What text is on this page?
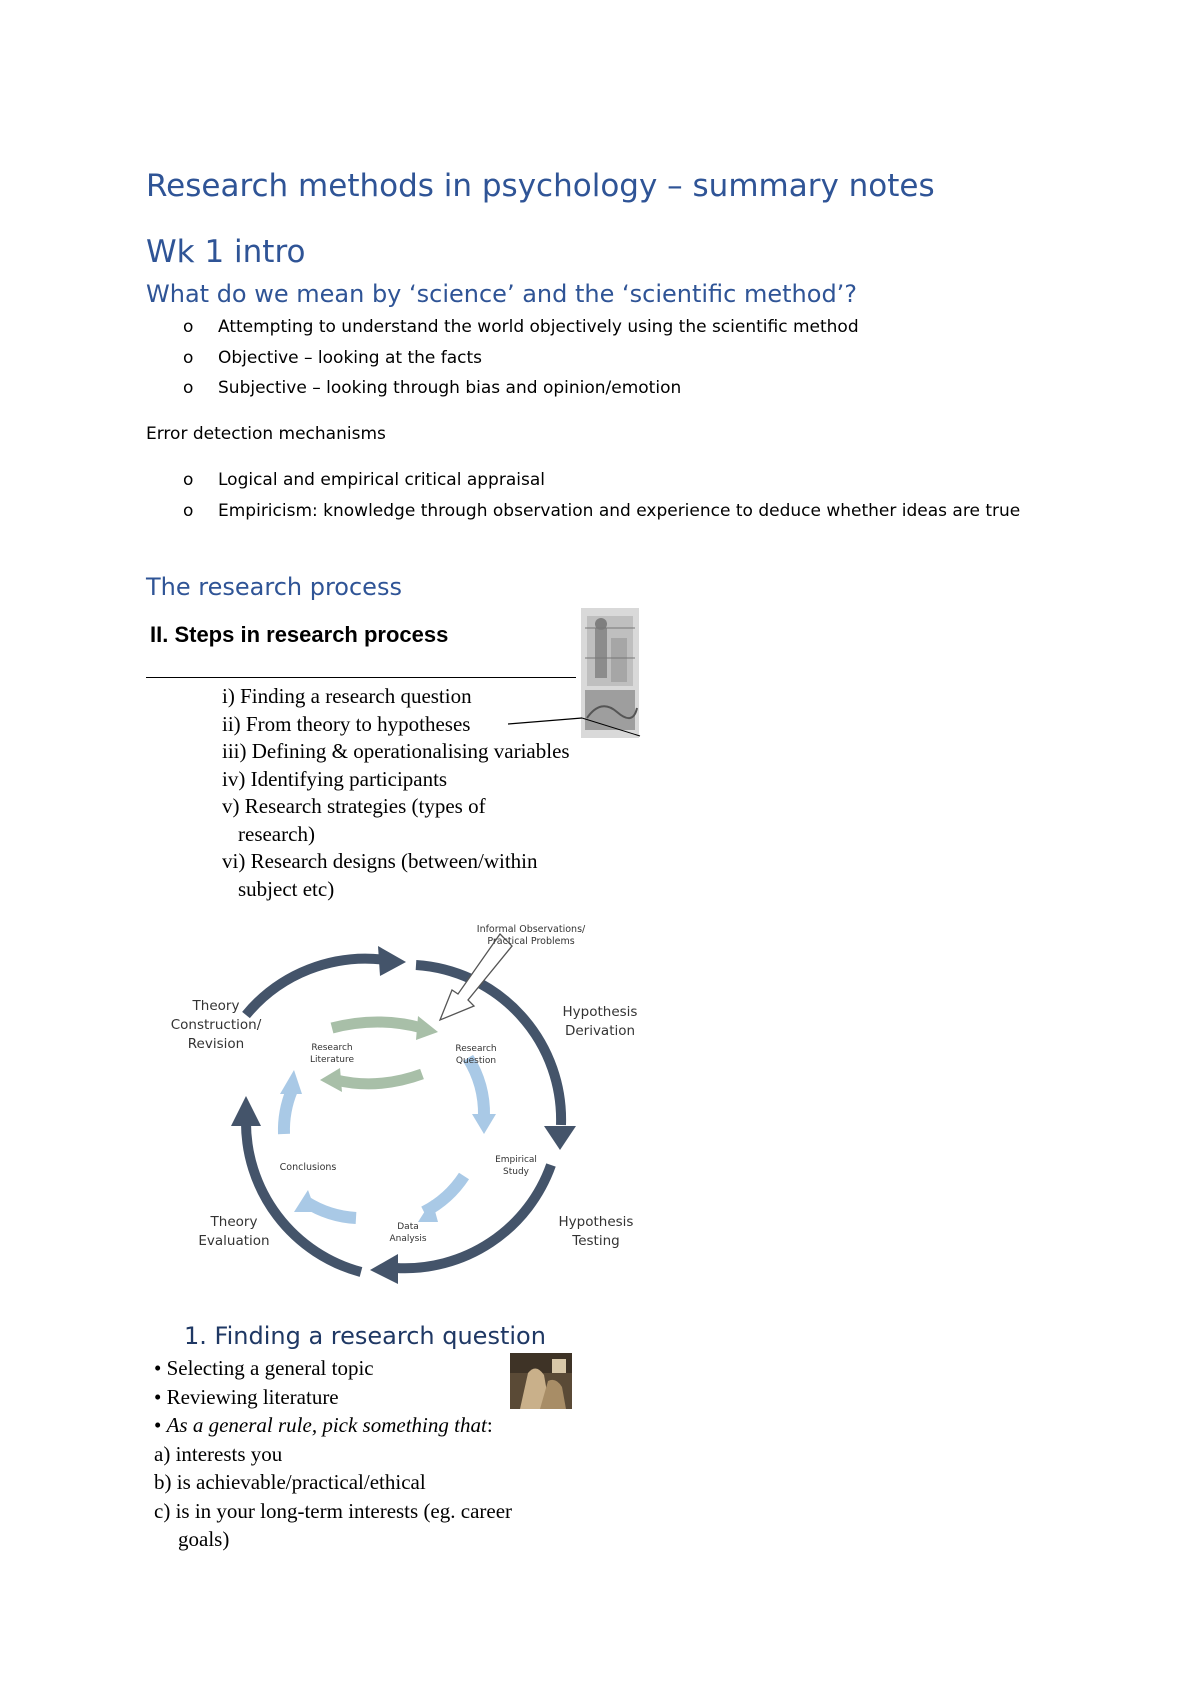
Research methods in psychology – summary notes
Wk 1 intro
What do we mean by ‘science’ and the ‘scientific method’?
o Attempting to understand the world objectively using the scientific method
o Objective – looking at the facts
o Subjective – looking through bias and opinion/emotion

Error detection mechanisms

o Logical and empirical critical appraisal
o Empiricism: knowledge through observation and experience to deduce whether ideas are true
The research process
II. Steps in research process
i) Finding a research question
ii) From theory to hypotheses
iii) Defining & operationalising variables
iv) Identifying participants
v) Research strategies (types of
research)
vi) Research designs (between/within
subject etc)
Informal Observations/
Practical Problems
Hypothesis
Derivation
Hypothesis
Testing
Theory
Evaluation
Theory
Construction/
Revision	Research
Literature
Research
Question
Empirical
Study
Data
Analysis
Conclusions
1. Finding a research question
• Selecting a general topic
• Reviewing literature
• As a general rule, pick something that:
a) interests you
b) is achievable/practical/ethical
c) is in your long-term interests (eg. career
goals)
